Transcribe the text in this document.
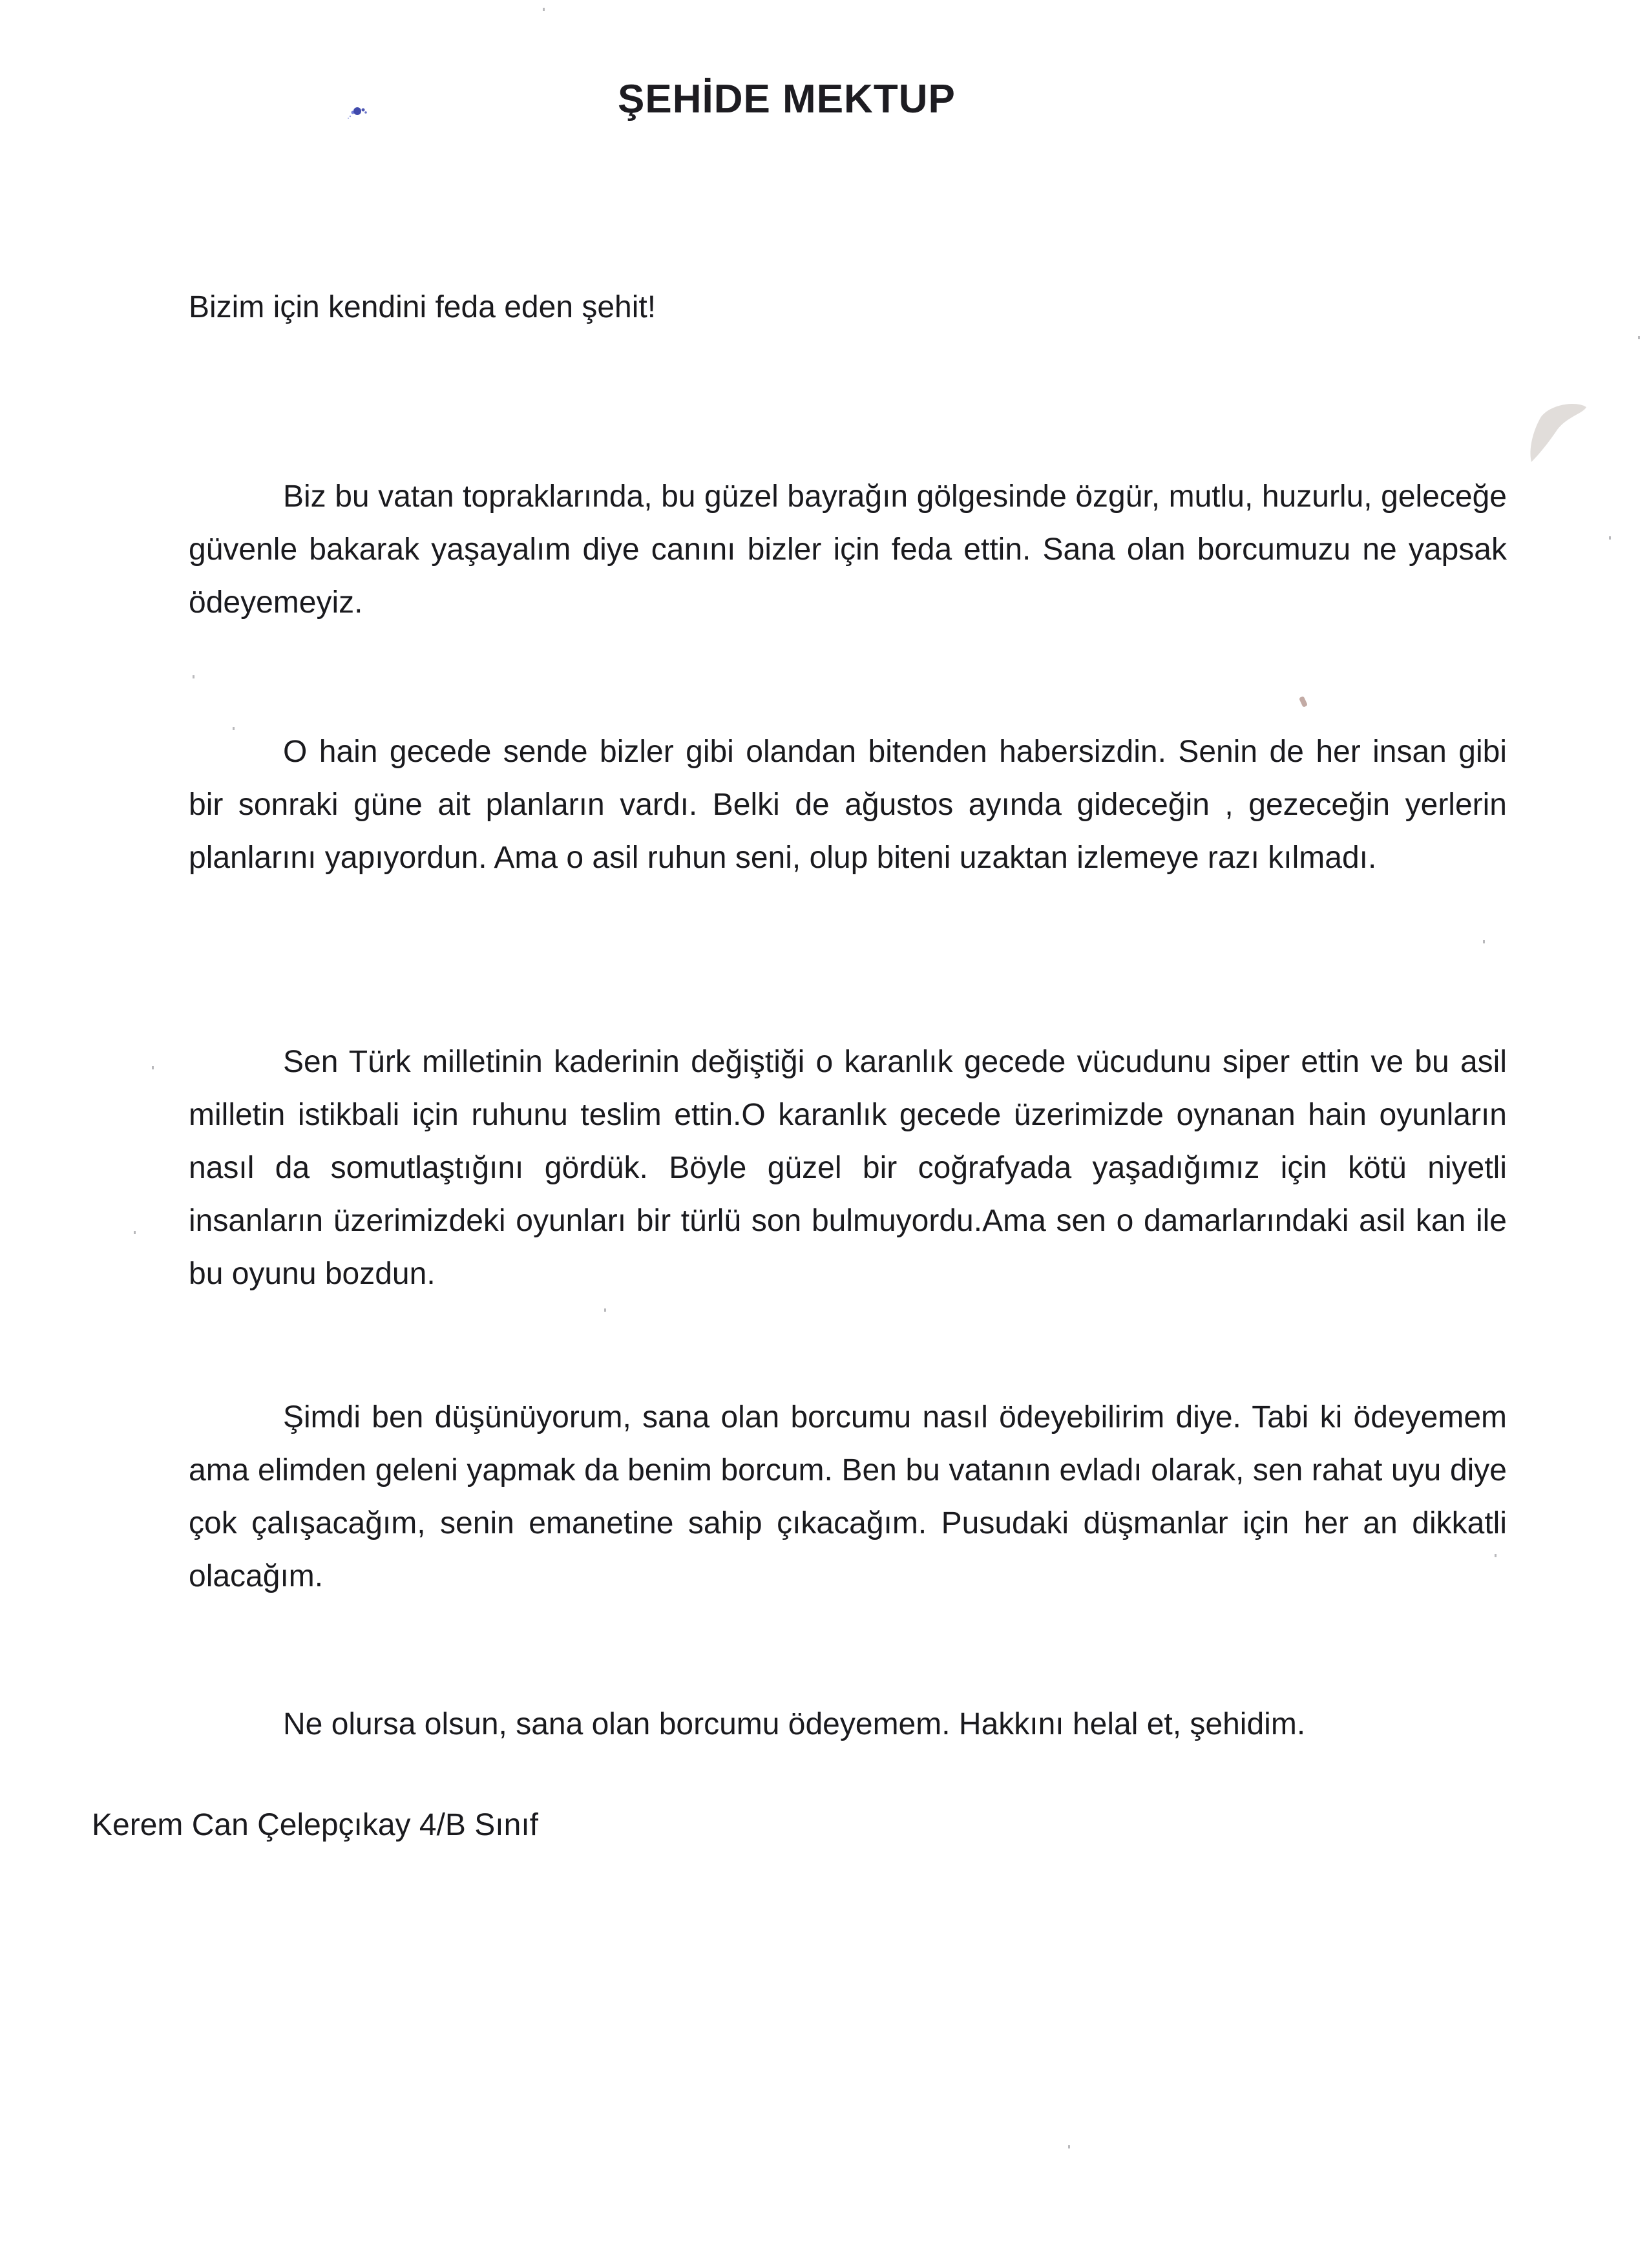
ŞEHİDE MEKTUP
Bizim için kendini feda eden şehit!

Biz bu vatan topraklarında, bu güzel bayrağın gölgesinde özgür, mutlu, huzurlu, geleceğe güvenle bakarak yaşayalım diye canını bizler için feda ettin. Sana olan borcumuzu ne yapsak ödeyemeyiz.

O hain gecede sende bizler gibi olandan bitenden habersizdin. Senin de her insan gibi bir sonraki güne ait planların vardı. Belki de ağustos ayında gideceğin , gezeceğin yerlerin planlarını yapıyordun. Ama o asil ruhun seni, olup biteni uzaktan izlemeye razı kılmadı.

Sen Türk milletinin kaderinin değiştiği o karanlık gecede vücudunu siper ettin ve bu asil milletin istikbali için ruhunu teslim ettin.O karanlık gecede üzerimizde oynanan hain oyunların nasıl da somutlaştığını gördük. Böyle güzel bir coğrafyada yaşadığımız için kötü niyetli insanların üzerimizdeki oyunları bir türlü son bulmuyordu.Ama sen o damarlarındaki asil kan ile bu oyunu bozdun.

Şimdi ben düşünüyorum, sana olan borcumu nasıl ödeyebilirim diye. Tabi ki ödeyemem ama elimden geleni yapmak da benim borcum. Ben bu vatanın evladı olarak, sen rahat uyu diye çok çalışacağım, senin emanetine sahip çıkacağım. Pusudaki düşmanlar için her an dikkatli olacağım.

Ne olursa olsun, sana olan borcumu ödeyemem. Hakkını helal et, şehidim.

Kerem Can Çelepçıkay 4/B Sınıf
